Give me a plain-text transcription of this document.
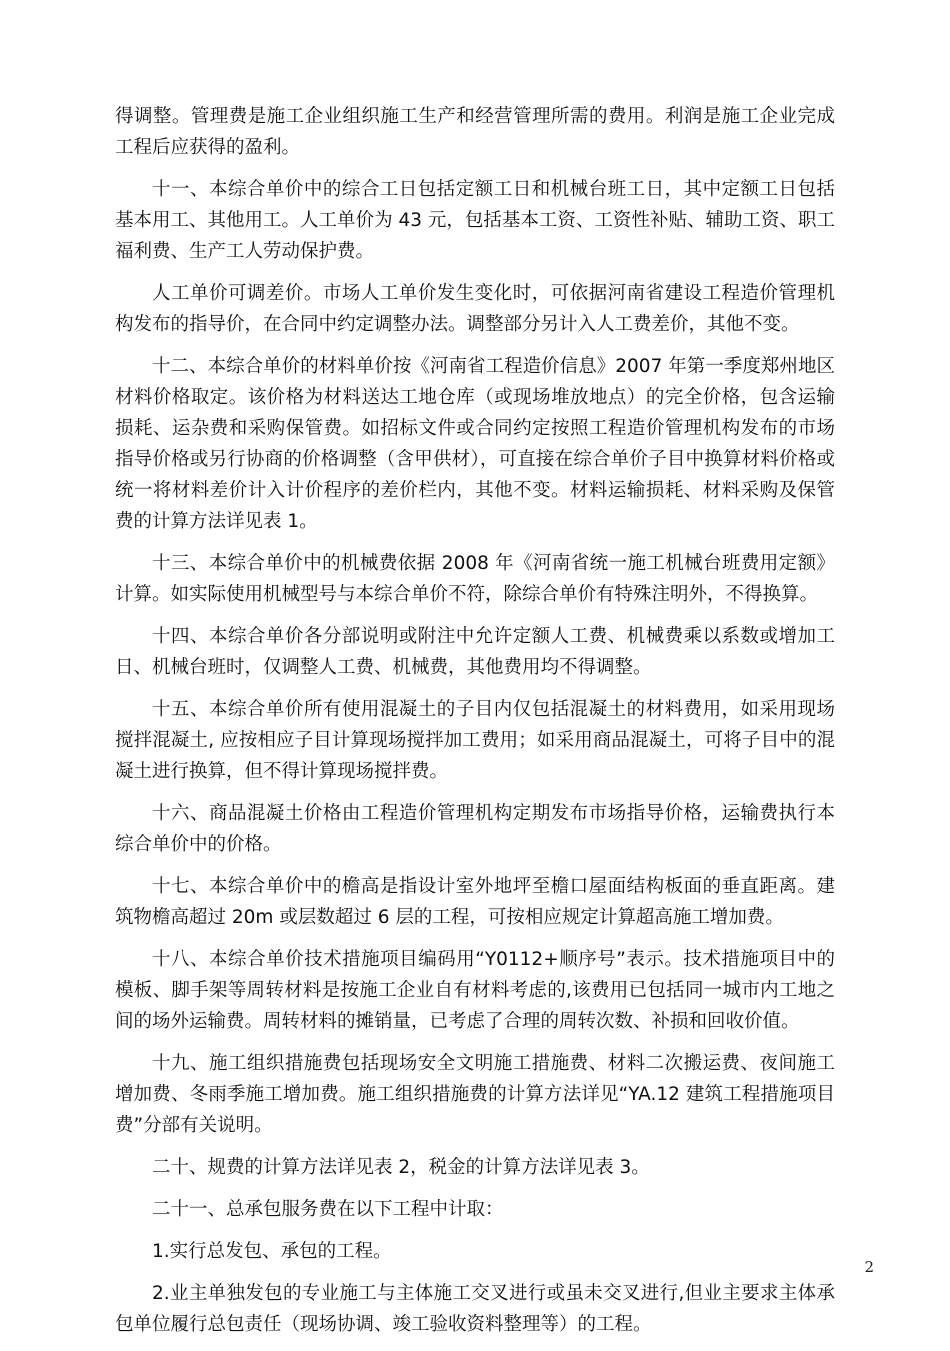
得调整。管理费是施工企业组织施工生产和经营管理所需的费用。利润是施工企业完成工程后应获得的盈利。

十一、本综合单价中的综合工日包括定额工日和机械台班工日，其中定额工日包括基本用工、其他用工。人工单价为 43 元，包括基本工资、工资性补贴、辅助工资、职工福利费、生产工人劳动保护费。

人工单价可调差价。市场人工单价发生变化时，可依据河南省建设工程造价管理机构发布的指导价，在合同中约定调整办法。调整部分另计入人工费差价，其他不变。

十二、本综合单价的材料单价按《河南省工程造价信息》2007 年第一季度郑州地区材料价格取定。该价格为材料送达工地仓库（或现场堆放地点）的完全价格，包含运输损耗、运杂费和采购保管费。如招标文件或合同约定按照工程造价管理机构发布的市场指导价格或另行协商的价格调整（含甲供材），可直接在综合单价子目中换算材料价格或统一将材料差价计入计价程序的差价栏内，其他不变。材料运输损耗、材料采购及保管费的计算方法详见表 1。

十三、本综合单价中的机械费依据 2008 年《河南省统一施工机械台班费用定额》计算。如实际使用机械型号与本综合单价不符，除综合单价有特殊注明外，不得换算。

十四、本综合单价各分部说明或附注中允许定额人工费、机械费乘以系数或增加工日、机械台班时，仅调整人工费、机械费，其他费用均不得调整。

十五、本综合单价所有使用混凝土的子目内仅包括混凝土的材料费用，如采用现场搅拌混凝土, 应按相应子目计算现场搅拌加工费用；如采用商品混凝土，可将子目中的混凝土进行换算，但不得计算现场搅拌费。

十六、商品混凝土价格由工程造价管理机构定期发布市场指导价格，运输费执行本综合单价中的价格。

十七、本综合单价中的檐高是指设计室外地坪至檐口屋面结构板面的垂直距离。建筑物檐高超过 20m 或层数超过 6 层的工程，可按相应规定计算超高施工增加费。

十八、本综合单价技术措施项目编码用“Y0112+顺序号”表示。技术措施项目中的模板、脚手架等周转材料是按施工企业自有材料考虑的,该费用已包括同一城市内工地之间的场外运输费。周转材料的摊销量，已考虑了合理的周转次数、补损和回收价值。

十九、施工组织措施费包括现场安全文明施工措施费、材料二次搬运费、夜间施工增加费、冬雨季施工增加费。施工组织措施费的计算方法详见“YA.12 建筑工程措施项目费”分部有关说明。

二十、规费的计算方法详见表 2，税金的计算方法详见表 3。

二十一、总承包服务费在以下工程中计取：

1.实行总发包、承包的工程。

2.业主单独发包的专业施工与主体施工交叉进行或虽未交叉进行,但业主要求主体承包单位履行总包责任（现场协调、竣工验收资料整理等）的工程。

2
